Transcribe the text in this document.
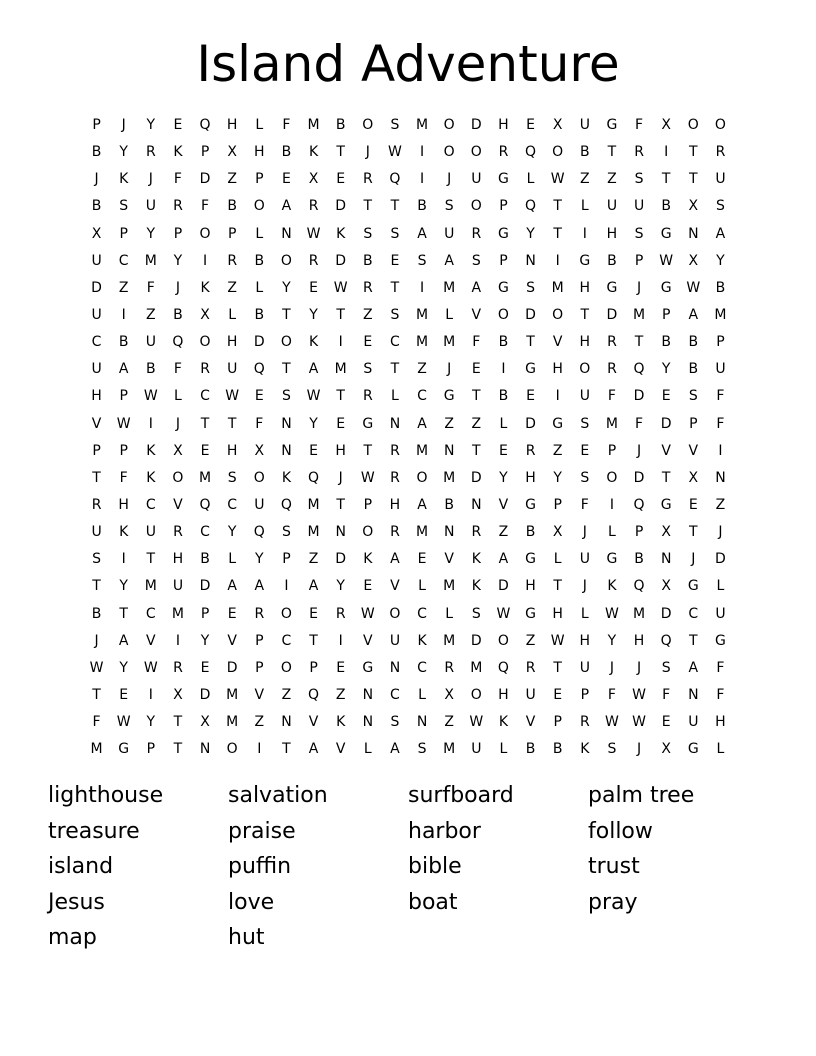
Island Adventure
P	J	Y	E	Q	H	L	F	M	B	O	S	M	O	D	H	E	X	U	G	F	X	O	O
B	Y	R	K	P	X	H	B	K	T	J	W	I	O	O	R	Q	O	B	T	R	I	T	R
J	K	J	F	D	Z	P	E	X	E	R	Q	I	J	U	G	L	W	Z	Z	S	T	T	U
B	S	U	R	F	B	O	A	R	D	T	T	B	S	O	P	Q	T	L	U	U	B	X	S
X	P	Y	P	O	P	L	N	W	K	S	S	A	U	R	G	Y	T	I	H	S	G	N	A
U	C	M	Y	I	R	B	O	R	D	B	E	S	A	S	P	N	I	G	B	P	W	X	Y
D	Z	F	J	K	Z	L	Y	E	W	R	T	I	M	A	G	S	M	H	G	J	G	W	B
U	I	Z	B	X	L	B	T	Y	T	Z	S	M	L	V	O	D	O	T	D	M	P	A	M
C	B	U	Q	O	H	D	O	K	I	E	C	M	M	F	B	T	V	H	R	T	B	B	P
U	A	B	F	R	U	Q	T	A	M	S	T	Z	J	E	I	G	H	O	R	Q	Y	B	U
H	P	W	L	C	W	E	S	W	T	R	L	C	G	T	B	E	I	U	F	D	E	S	F
V	W	I	J	T	T	F	N	Y	E	G	N	A	Z	Z	L	D	G	S	M	F	D	P	F
P	P	K	X	E	H	X	N	E	H	T	R	M	N	T	E	R	Z	E	P	J	V	V	I
T	F	K	O	M	S	O	K	Q	J	W	R	O	M	D	Y	H	Y	S	O	D	T	X	N
R	H	C	V	Q	C	U	Q	M	T	P	H	A	B	N	V	G	P	F	I	Q	G	E	Z
U	K	U	R	C	Y	Q	S	M	N	O	R	M	N	R	Z	B	X	J	L	P	X	T	J
S	I	T	H	B	L	Y	P	Z	D	K	A	E	V	K	A	G	L	U	G	B	N	J	D
T	Y	M	U	D	A	A	I	A	Y	E	V	L	M	K	D	H	T	J	K	Q	X	G	L
B	T	C	M	P	E	R	O	E	R	W	O	C	L	S	W	G	H	L	W	M	D	C	U
J	A	V	I	Y	V	P	C	T	I	V	U	K	M	D	O	Z	W	H	Y	H	Q	T	G
W	Y	W	R	E	D	P	O	P	E	G	N	C	R	M	Q	R	T	U	J	J	S	A	F
T	E	I	X	D	M	V	Z	Q	Z	N	C	L	X	O	H	U	E	P	F	W	F	N	F
F	W	Y	T	X	M	Z	N	V	K	N	S	N	Z	W	K	V	P	R	W W	E	U	H
M	G	P	T	N	O	I	T	A	V	L	A	S	M	U	L	B	B	K	S	J	X	G	L
lighthouse	salvation	surfboard	palm tree
treasure	praise	harbor	follow
island	puffin	bible	trust
Jesus	love	boat	pray
map	hut
